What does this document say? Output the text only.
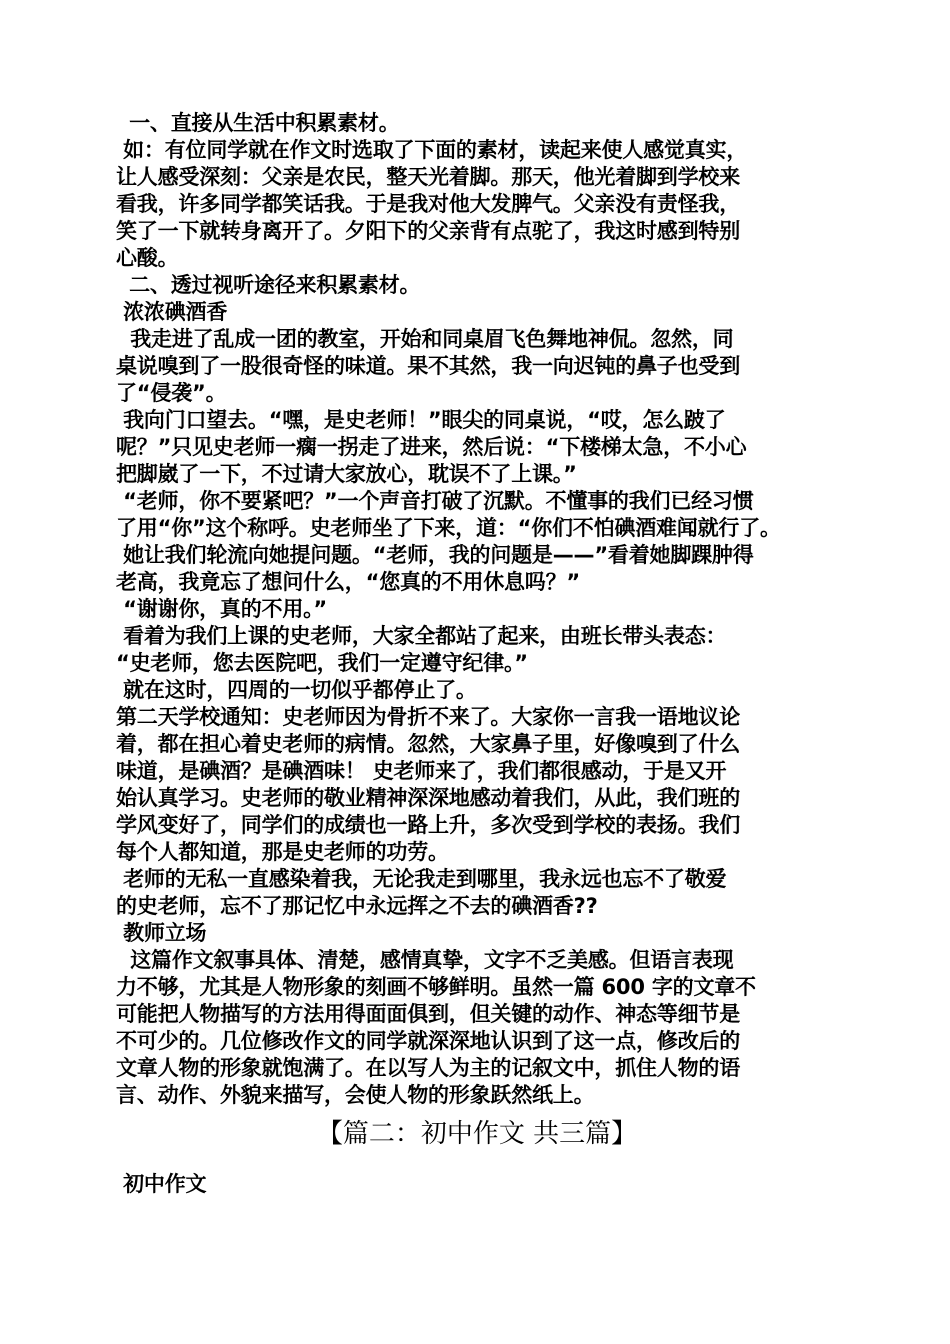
一、直接从生活中积累素材。

如：有位同学就在作文时选取了下面的素材，读起来使人感觉真实，
让人感受深刻：父亲是农民，整天光着脚。那天，他光着脚到学校来
看我，许多同学都笑话我。于是我对他大发脾气。父亲没有责怪我，
笑了一下就转身离开了。夕阳下的父亲背有点驼了，我这时感到特别
心酸。

二、透过视听途径来积累素材。

浓浓碘酒香

我走进了乱成一团的教室，开始和同桌眉飞色舞地神侃。忽然，同
桌说嗅到了一股很奇怪的味道。果不其然，我一向迟钝的鼻子也受到
了“侵袭”。

我向门口望去。“嘿，是史老师！”眼尖的同桌说，“哎，怎么跛了
呢？”只见史老师一瘸一拐走了进来，然后说：“下楼梯太急，不小心
把脚崴了一下，不过请大家放心，耽误不了上课。”

“老师，你不要紧吧？”一个声音打破了沉默。不懂事的我们已经习惯
了用“你”这个称呼。史老师坐了下来，道：“你们不怕碘酒难闻就行了。
她让我们轮流向她提问题。“老师，我的问题是——”看着她脚踝肿得
老高，我竟忘了想问什么，“您真的不用休息吗？”

“谢谢你，真的不用。”

看着为我们上课的史老师，大家全都站了起来，由班长带头表态：
“史老师，您去医院吧，我们一定遵守纪律。”

就在这时，四周的一切似乎都停止了。

第二天学校通知：史老师因为骨折不来了。大家你一言我一语地议论
着，都在担心着史老师的病情。忽然，大家鼻子里，好像嗅到了什么
味道，是碘酒？是碘酒味！ 史老师来了，我们都很感动，于是又开
始认真学习。史老师的敬业精神深深地感动着我们，从此，我们班的
学风变好了，同学们的成绩也一路上升，多次受到学校的表扬。我们
每个人都知道，那是史老师的功劳。

老师的无私一直感染着我，无论我走到哪里，我永远也忘不了敬爱
的史老师，忘不了那记忆中永远挥之不去的碘酒香??

教师立场

这篇作文叙事具体、清楚，感情真挚，文字不乏美感。但语言表现
力不够，尤其是人物形象的刻画不够鲜明。虽然一篇 600 字的文章不
可能把人物描写的方法用得面面俱到，但关键的动作、神态等细节是
不可少的。几位修改作文的同学就深深地认识到了这一点，修改后的
文章人物的形象就饱满了。在以写人为主的记叙文中，抓住人物的语
言、动作、外貌来描写，会使人物的形象跃然纸上。

【篇二：初中作文 共三篇】

初中作文
